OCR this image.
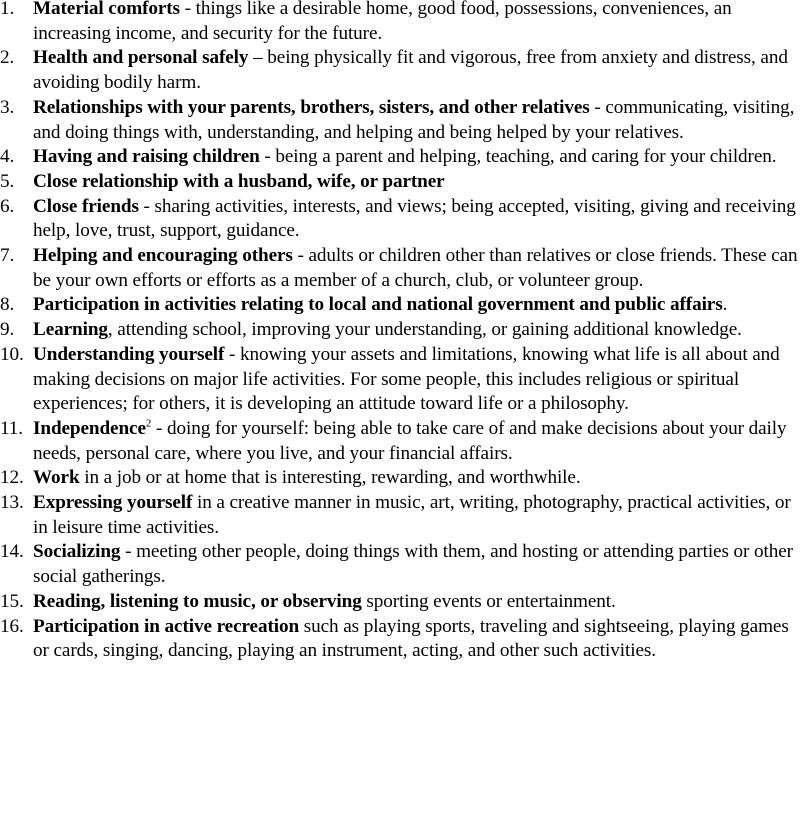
1. Material comforts - things like a desirable home, good food, possessions, conveniences, an increasing income, and security for the future.
2. Health and personal safely – being physically fit and vigorous, free from anxiety and distress, and avoiding bodily harm.
3. Relationships with your parents, brothers, sisters, and other relatives - communicating, visiting, and doing things with, understanding, and helping and being helped by your relatives.
4. Having and raising children - being a parent and helping, teaching, and caring for your children.
5. Close relationship with a husband, wife, or partner
6. Close friends - sharing activities, interests, and views; being accepted, visiting, giving and receiving help, love, trust, support, guidance.
7. Helping and encouraging others - adults or children other than relatives or close friends. These can be your own efforts or efforts as a member of a church, club, or volunteer group.
8. Participation in activities relating to local and national government and public affairs.
9. Learning, attending school, improving your understanding, or gaining additional knowledge.
10. Understanding yourself - knowing your assets and limitations, knowing what life is all about and making decisions on major life activities. For some people, this includes religious or spiritual experiences; for others, it is developing an attitude toward life or a philosophy.
11. Independence$^2$ - doing for yourself: being able to take care of and make decisions about your daily needs, personal care, where you live, and your financial affairs.
12. Work in a job or at home that is interesting, rewarding, and worthwhile.
13. Expressing yourself in a creative manner in music, art, writing, photography, practical activities, or in leisure time activities.
14. Socializing - meeting other people, doing things with them, and hosting or attending parties or other social gatherings.
15. Reading, listening to music, or observing sporting events or entertainment.
16. Participation in active recreation such as playing sports, traveling and sightseeing, playing games or cards, singing, dancing, playing an instrument, acting, and other such activities.
